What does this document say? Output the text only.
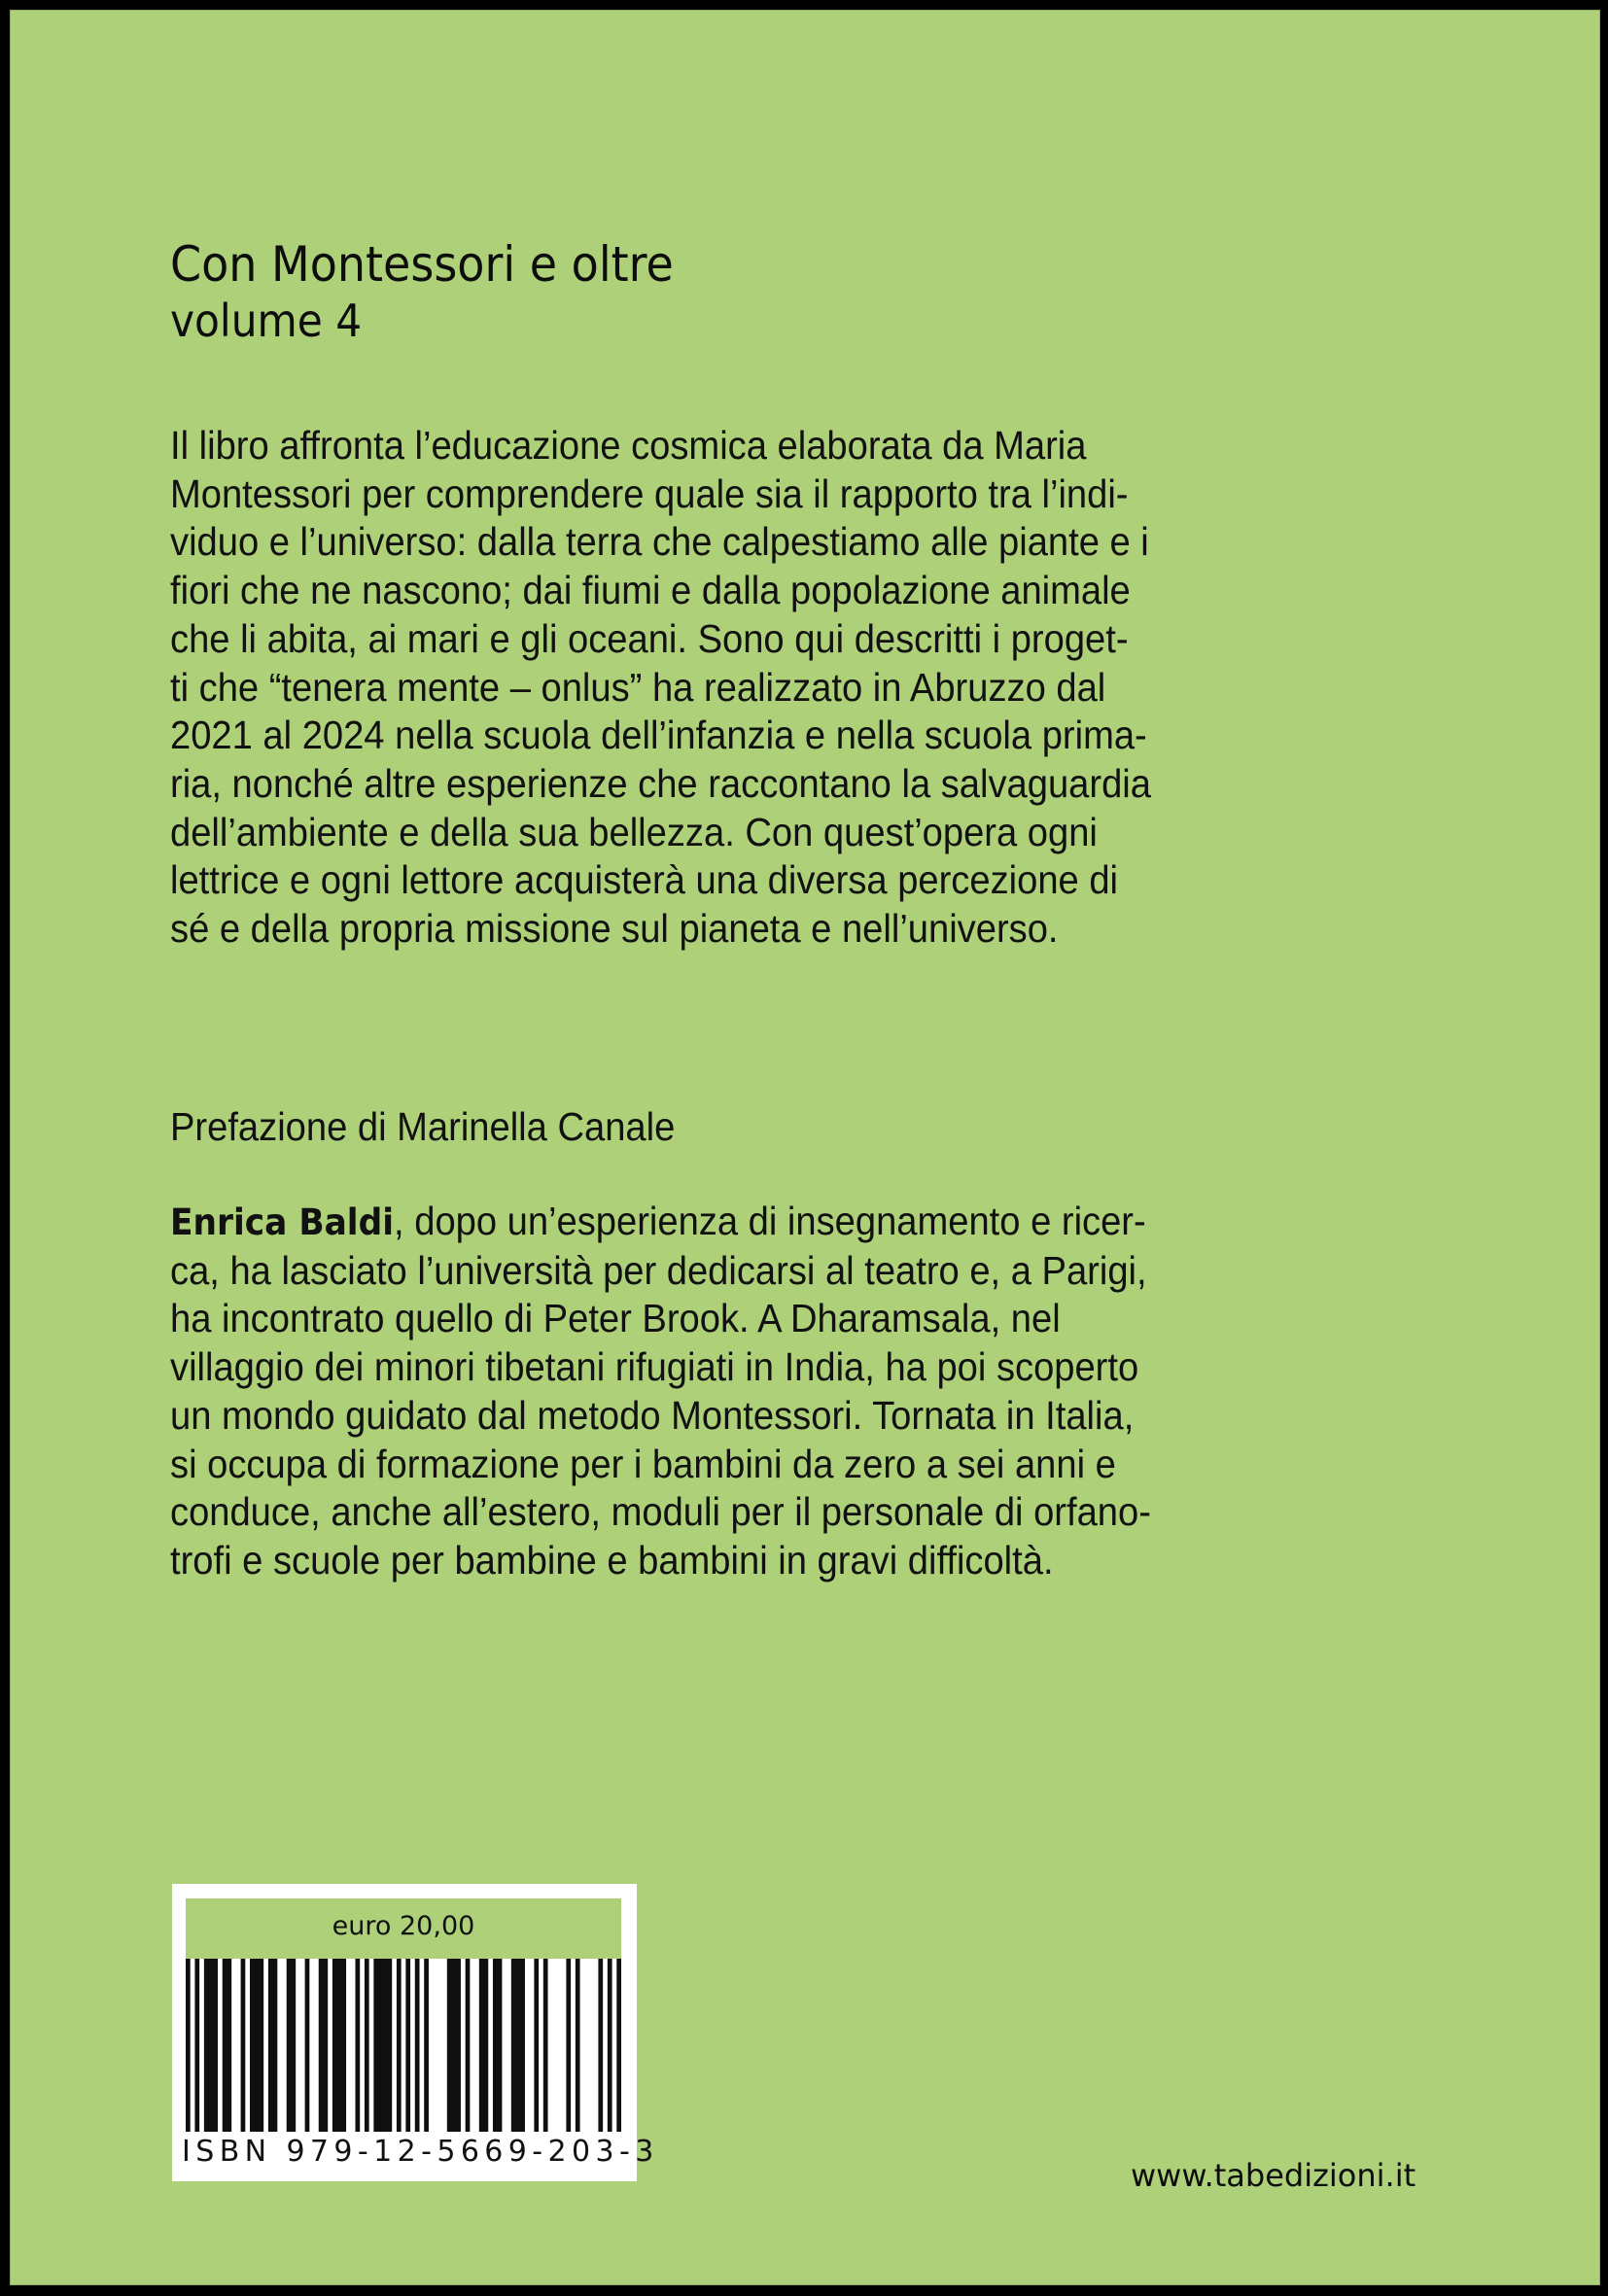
Con Montessori e oltre
volume 4
Il libro affronta l’educazione cosmica elaborata da Maria
Montessori per comprendere quale sia il rapporto tra l’indi-
viduo e l’universo: dalla terra che calpestiamo alle piante e i
fiori che ne nascono; dai fiumi e dalla popolazione animale
che li abita, ai mari e gli oceani. Sono qui descritti i proget-
ti che “tenera mente – onlus” ha realizzato in Abruzzo dal
2021 al 2024 nella scuola dell’infanzia e nella scuola prima-
ria, nonché altre esperienze che raccontano la salvaguardia
dell’ambiente e della sua bellezza. Con quest’opera ogni
lettrice e ogni lettore acquisterà una diversa percezione di
sé e della propria missione sul pianeta e nell’universo.
Prefazione di Marinella Canale
Enrica Baldi, dopo un’esperienza di insegnamento e ricer-
ca, ha lasciato l’università per dedicarsi al teatro e, a Parigi,
ha incontrato quello di Peter Brook. A Dharamsala, nel
villaggio dei minori tibetani rifugiati in India, ha poi scoperto
un mondo guidato dal metodo Montessori. Tornata in Italia,
si occupa di formazione per i bambini da zero a sei anni e
conduce, anche all’estero, moduli per il personale di orfano-
trofi e scuole per bambine e bambini in gravi difficoltà.
euro 20,00
ISBN 979-12-5669-203-3
www.tabedizioni.it
